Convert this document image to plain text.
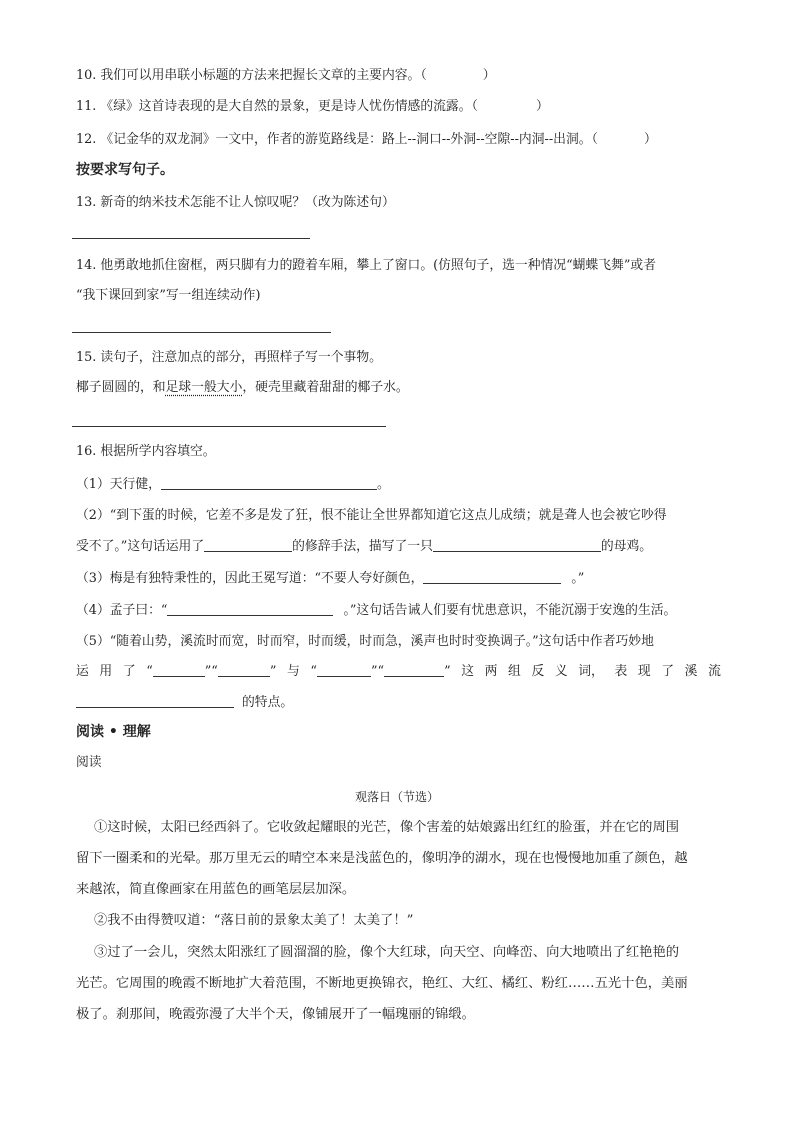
10. 我们可以用串联小标题的方法来把握长文章的主要内容。（	）
11. 《绿》这首诗表现的是大自然的景象，更是诗人忧伤情感的流露。（	）
12. 《记金华的双龙洞》一文中，作者的游览路线是：路上--洞口--外洞--空隙--内洞--出洞。（	）
按要求写句子。
13. 新奇的纳米技术怎能不让人惊叹呢？（改为陈述句）
14. 他勇敢地抓住窗框，两只脚有力的蹬着车厢，攀上了窗口。(仿照句子，选一种情况“蝴蝶飞舞”或者
“我下课回到家”写一组连续动作)
15. 读句子，注意加点的部分，再照样子写一个事物。
椰子圆圆的，和足球一般大小，硬壳里藏着甜甜的椰子水。
16. 根据所学内容填空。
（1）天行健，	。
（2）“到下蛋的时候，它差不多是发了狂，恨不能让全世界都知道它这点儿成绩；就是聋人也会被它吵得
受不了。”这句话运用了	的修辞手法，描写了一只	的母鸡。
（3）梅是有独特秉性的，因此王冕写道：“不要人夸好颜色，	。”
（4）孟子曰：“	。”这句话告诫人们要有忧患意识，不能沉溺于安逸的生活。
（5）“随着山势，溪流时而宽，时而窄，时而缓，时而急，溪声也时时变换调子。”这句话中作者巧妙地
运 用 了 “	”“	” 与 “	”“	” 这 两 组 反 义 词， 表 现 了 溪 流
的特点。
阅读 • 理解
阅读
观落日（节选）
①这时候，太阳已经西斜了。它收敛起耀眼的光芒，像个害羞的姑娘露出红红的脸蛋，并在它的周围
留下一圈柔和的光晕。那万里无云的晴空本来是浅蓝色的，像明净的湖水，现在也慢慢地加重了颜色，越
来越浓，简直像画家在用蓝色的画笔层层加深。
②我不由得赞叹道：“落日前的景象太美了！太美了！”
③过了一会儿，突然太阳涨红了圆溜溜的脸，像个大红球，向天空、向峰峦、向大地喷出了红艳艳的
光芒。它周围的晚霞不断地扩大着范围，不断地更换锦衣，艳红、大红、橘红、粉红……五光十色，美丽
极了。刹那间，晚霞弥漫了大半个天，像铺展开了一幅瑰丽的锦缎。
